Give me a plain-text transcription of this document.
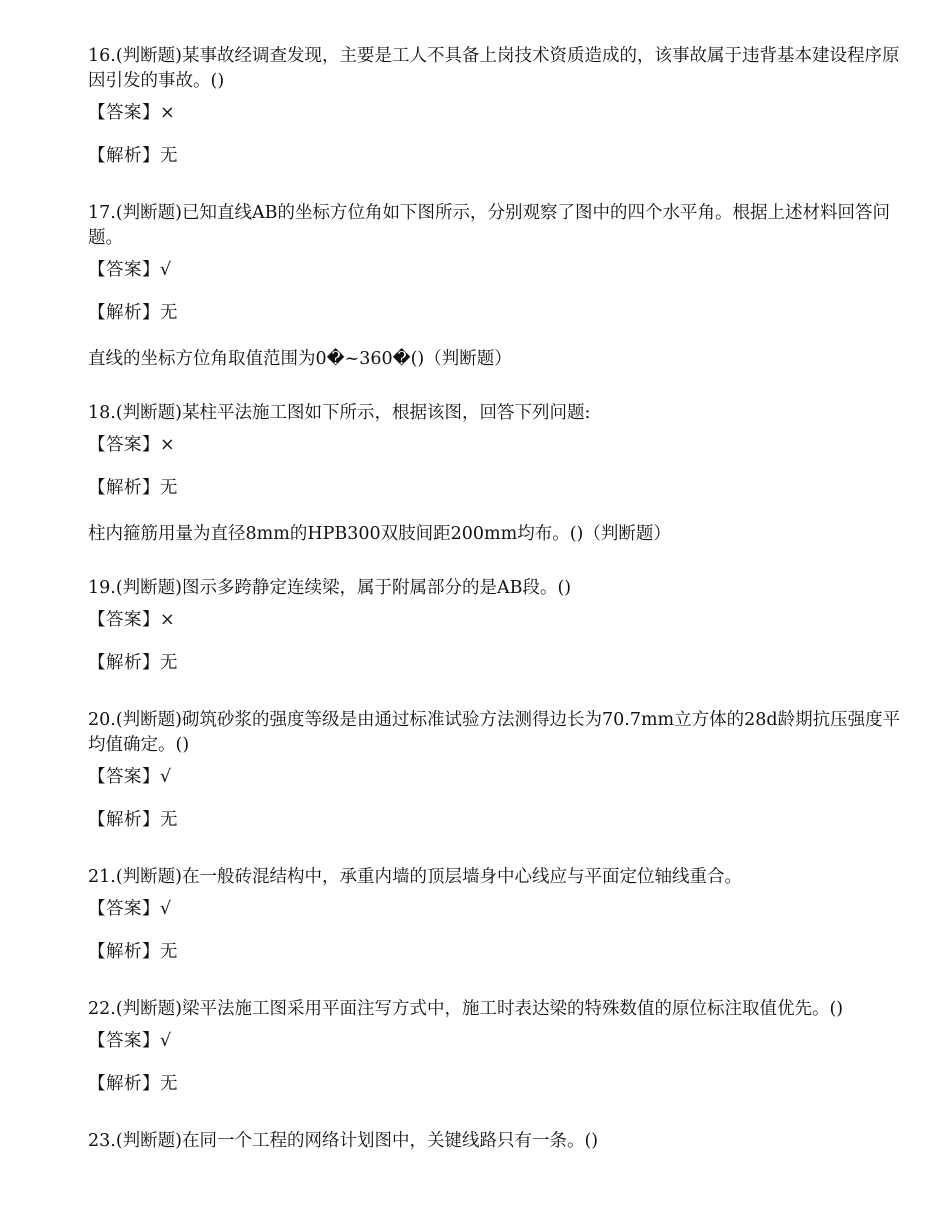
16.(判断题)某事故经调查发现，主要是工人不具备上岗技术资质造成的，该事故属于违背基本建设程序原因引发的事故。()

【答案】×
【解析】无

17.(判断题)已知直线AB的坐标方位角如下图所示，分别观察了图中的四个水平角。根据上述材料回答问题。

【答案】√
【解析】无
直线的坐标方位角取值范围为0�~360�()（判断题）

18.(判断题)某柱平法施工图如下所示，根据该图，回答下列问题:

【答案】×
【解析】无
柱内箍筋用量为直径8mm的HPB300双肢间距200mm均布。()（判断题）

19.(判断题)图示多跨静定连续梁，属于附属部分的是AB段。()

【答案】×
【解析】无

20.(判断题)砌筑砂浆的强度等级是由通过标准试验方法测得边长为70.7mm立方体的28d龄期抗压强度平均值确定。()

【答案】√
【解析】无

21.(判断题)在一般砖混结构中，承重内墙的顶层墙身中心线应与平面定位轴线重合。

【答案】√
【解析】无

22.(判断题)梁平法施工图采用平面注写方式中，施工时表达梁的特殊数值的原位标注取值优先。()

【答案】√
【解析】无

23.(判断题)在同一个工程的网络计划图中，关键线路只有一条。()
